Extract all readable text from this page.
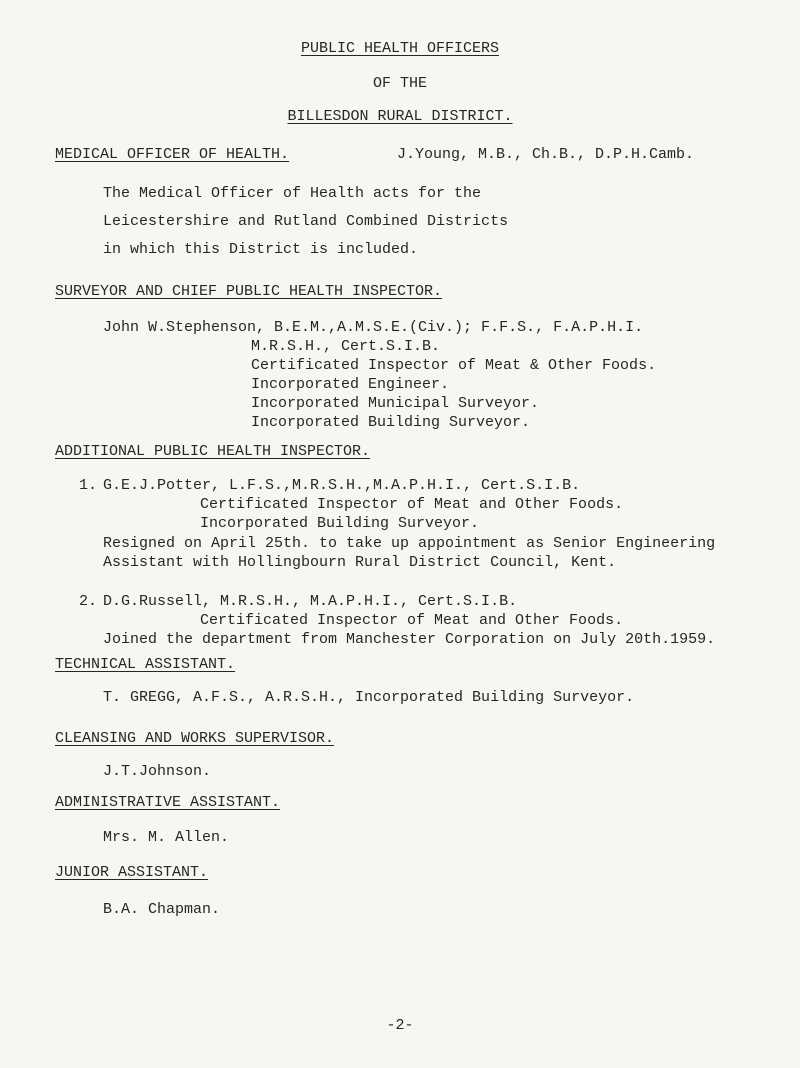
PUBLIC HEALTH OFFICERS
OF THE
BILLESDON RURAL DISTRICT.
MEDICAL OFFICER OF HEALTH.	J.Young, M.B., Ch.B., D.P.H.Camb.
The Medical Officer of Health acts for the
Leicestershire and Rutland Combined Districts
in which this District is included.
SURVEYOR AND CHIEF PUBLIC HEALTH INSPECTOR.
John W.Stephenson, B.E.M.,A.M.S.E.(Civ.); F.F.S., F.A.P.H.I.
M.R.S.H., Cert.S.I.B.
Certificated Inspector of Meat & Other Foods.
Incorporated Engineer.
Incorporated Municipal Surveyor.
Incorporated Building Surveyor.
ADDITIONAL PUBLIC HEALTH INSPECTOR.
1. G.E.J.Potter, L.F.S.,M.R.S.H.,M.A.P.H.I., Cert.S.I.B.
Certificated Inspector of Meat and Other Foods.
Incorporated Building Surveyor.
Resigned on April 25th. to take up appointment as Senior Engineering
Assistant with Hollingbourn Rural District Council, Kent.
2. D.G.Russell, M.R.S.H., M.A.P.H.I., Cert.S.I.B.
Certificated Inspector of Meat and Other Foods.
Joined the department from Manchester Corporation on July 20th.1959.
TECHNICAL ASSISTANT.
T. GREGG, A.F.S., A.R.S.H., Incorporated Building Surveyor.
CLEANSING AND WORKS SUPERVISOR.
J.T.Johnson.
ADMINISTRATIVE ASSISTANT.
Mrs. M. Allen.
JUNIOR ASSISTANT.
B.A. Chapman.
-2-
